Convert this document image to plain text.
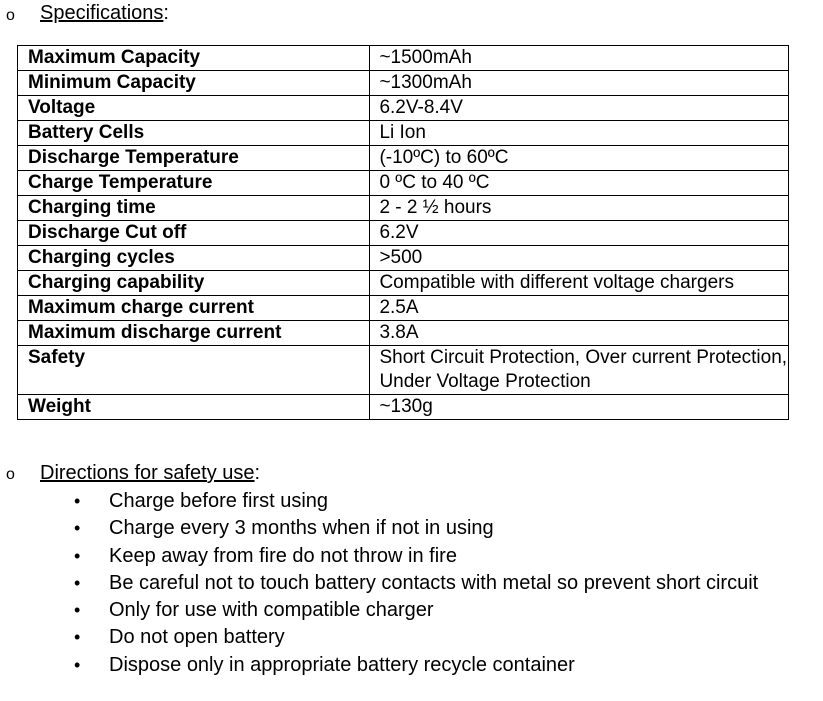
o Specifications:
Maximum Capacity	~1500mAh
Minimum Capacity	~1300mAh
Voltage	6.2V-8.4V
Battery Cells	Li Ion
Discharge Temperature	(-10ºC) to 60ºC
Charge Temperature	0 ºC to 40 ºC
Charging time	2 - 2 ½ hours
Discharge Cut off	6.2V
Charging cycles	>500
Charging capability	Compatible with different voltage chargers
Maximum charge current	2.5A
Maximum discharge current	3.8A
Safety	Short Circuit Protection, Over current Protection, Under Voltage Protection
Weight	~130g
o Directions for safety use:
• Charge before first using
• Charge every 3 months when if not in using
• Keep away from fire do not throw in fire
• Be careful not to touch battery contacts with metal so prevent short circuit
• Only for use with compatible charger
• Do not open battery
• Dispose only in appropriate battery recycle container
